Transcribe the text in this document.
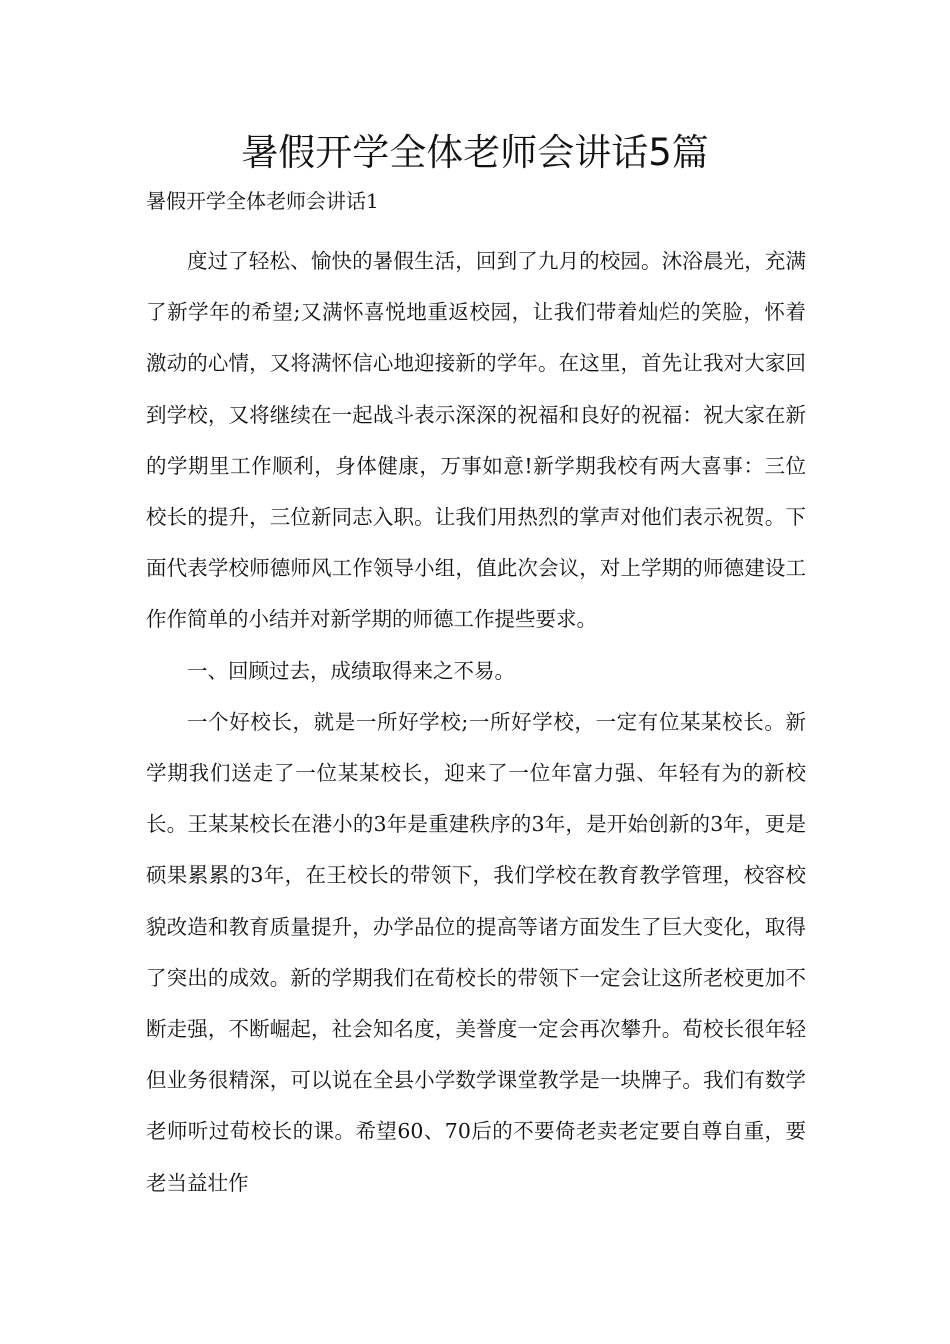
暑假开学全体老师会讲话5篇
暑假开学全体老师会讲话1

度过了轻松、愉快的暑假生活，回到了九月的校园。沐浴晨光，充满了新学年的希望;又满怀喜悦地重返校园，让我们带着灿烂的笑脸，怀着激动的心情，又将满怀信心地迎接新的学年。在这里，首先让我对大家回到学校，又将继续在一起战斗表示深深的祝福和良好的祝福：祝大家在新的学期里工作顺利，身体健康，万事如意!新学期我校有两大喜事：三位校长的提升，三位新同志入职。让我们用热烈的掌声对他们表示祝贺。下面代表学校师德师风工作领导小组，值此次会议，对上学期的师德建设工作作简单的小结并对新学期的师德工作提些要求。

一、回顾过去，成绩取得来之不易。

一个好校长，就是一所好学校;一所好学校，一定有位某某校长。新学期我们送走了一位某某校长，迎来了一位年富力强、年轻有为的新校长。王某某校长在港小的3年是重建秩序的3年，是开始创新的3年，更是硕果累累的3年，在王校长的带领下，我们学校在教育教学管理，校容校貌改造和教育质量提升，办学品位的提高等诸方面发生了巨大变化，取得了突出的成效。新的学期我们在荀校长的带领下一定会让这所老校更加不断走强，不断崛起，社会知名度，美誉度一定会再次攀升。荀校长很年轻但业务很精深，可以说在全县小学数学课堂教学是一块牌子。我们有数学老师听过荀校长的课。希望60、70后的不要倚老卖老定要自尊自重，要老当益壮作
